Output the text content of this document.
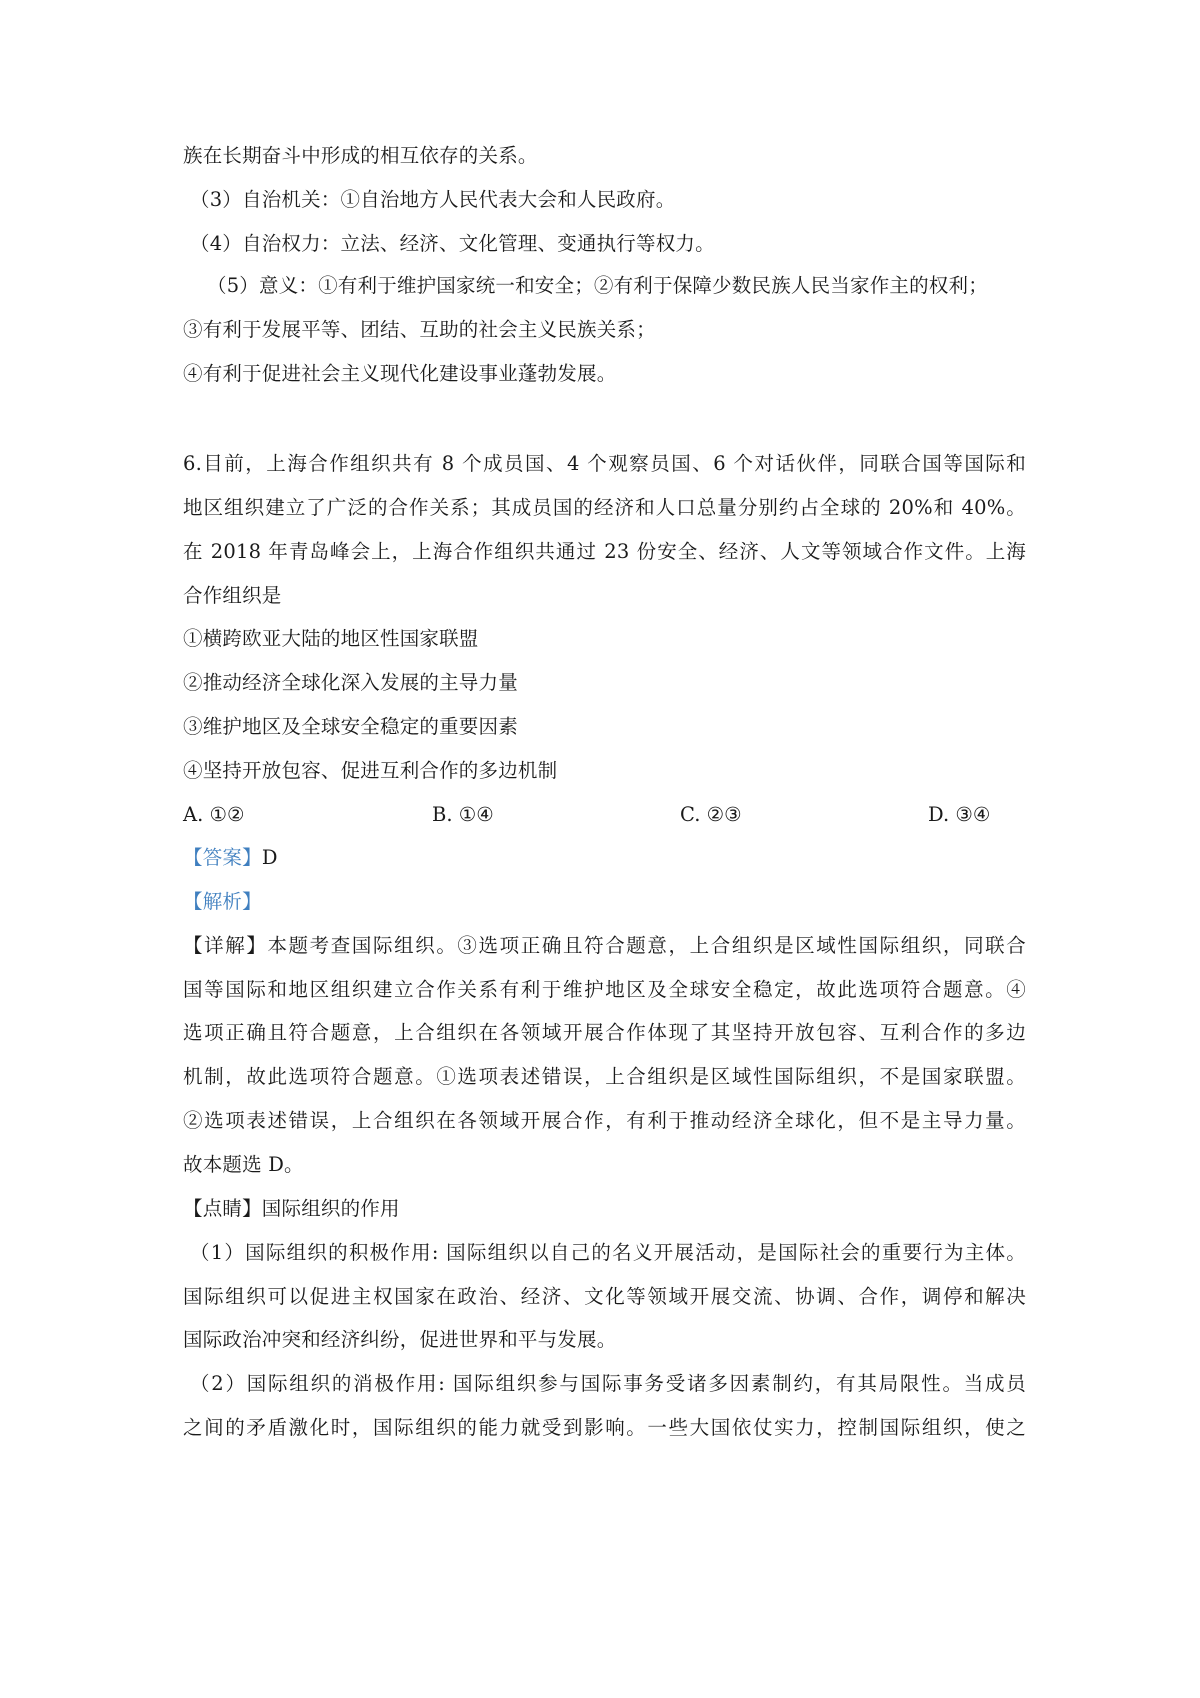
族在长期奋斗中形成的相互依存的关系。
（3）自治机关：①自治地方人民代表大会和人民政府。
（4）自治权力：立法、经济、文化管理、变通执行等权力。
（5）意义：①有利于维护国家统一和安全；②有利于保障少数民族人民当家作主的权利；
③有利于发展平等、团结、互助的社会主义民族关系；
④有利于促进社会主义现代化建设事业蓬勃发展。
6.目前，上海合作组织共有 8 个成员国、4 个观察员国、6 个对话伙伴，同联合国等国际和
地区组织建立了广泛的合作关系；其成员国的经济和人口总量分别约占全球的 20%和 40%。
在 2018 年青岛峰会上，上海合作组织共通过 23 份安全、经济、人文等领域合作文件。上海
合作组织是
①横跨欧亚大陆的地区性国家联盟
②推动经济全球化深入发展的主导力量
③维护地区及全球安全稳定的重要因素
④坚持开放包容、促进互利合作的多边机制
A. ①②	B. ①④	C. ②③	D. ③④
【答案】D
【解析】
【详解】本题考查国际组织。③选项正确且符合题意，上合组织是区域性国际组织，同联合
国等国际和地区组织建立合作关系有利于维护地区及全球安全稳定，故此选项符合题意。④
选项正确且符合题意，上合组织在各领域开展合作体现了其坚持开放包容、互利合作的多边
机制，故此选项符合题意。①选项表述错误，上合组织是区域性国际组织，不是国家联盟。
②选项表述错误，上合组织在各领域开展合作，有利于推动经济全球化，但不是主导力量。
故本题选 D。
【点睛】国际组织的作用
（1）国际组织的积极作用: 国际组织以自己的名义开展活动，是国际社会的重要行为主体。
国际组织可以促进主权国家在政治、经济、文化等领域开展交流、协调、合作，调停和解决
国际政治冲突和经济纠纷，促进世界和平与发展。
（2）国际组织的消极作用: 国际组织参与国际事务受诸多因素制约，有其局限性。当成员
之间的矛盾激化时，国际组织的能力就受到影响。一些大国依仗实力，控制国际组织，使之
